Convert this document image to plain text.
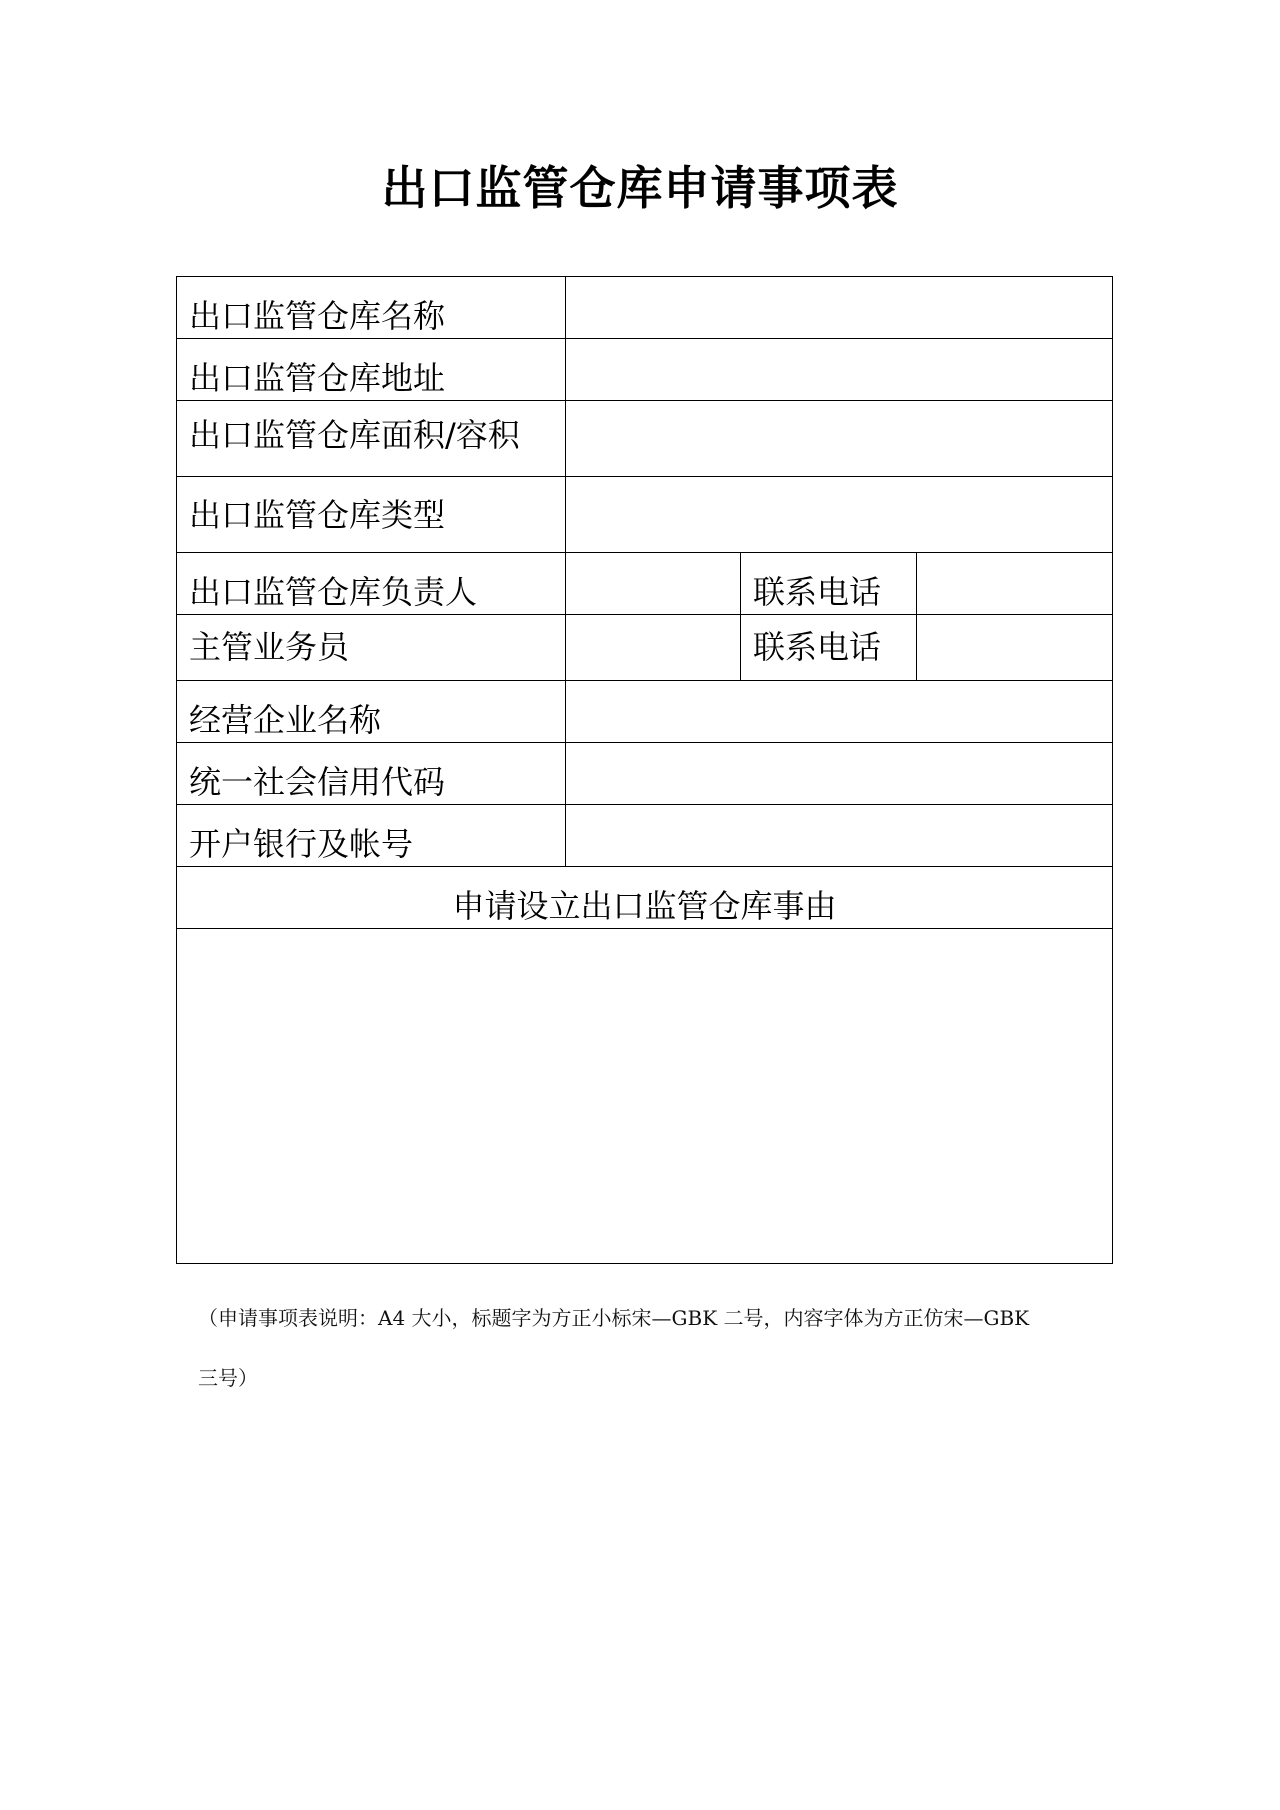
出口监管仓库申请事项表
出口监管仓库名称			
出口监管仓库地址			
出口监管仓库面积/容积			
出口监管仓库类型			
出口监管仓库负责人		联系电话	
主管业务员		联系电话	
经营企业名称			
统一社会信用代码			
开户银行及帐号			
申请设立出口监管仓库事由			

（申请事项表说明：A4 大小，标题字为方正小标宋—GBK 二号，内容字体为方正仿宋—GBK
三号）
